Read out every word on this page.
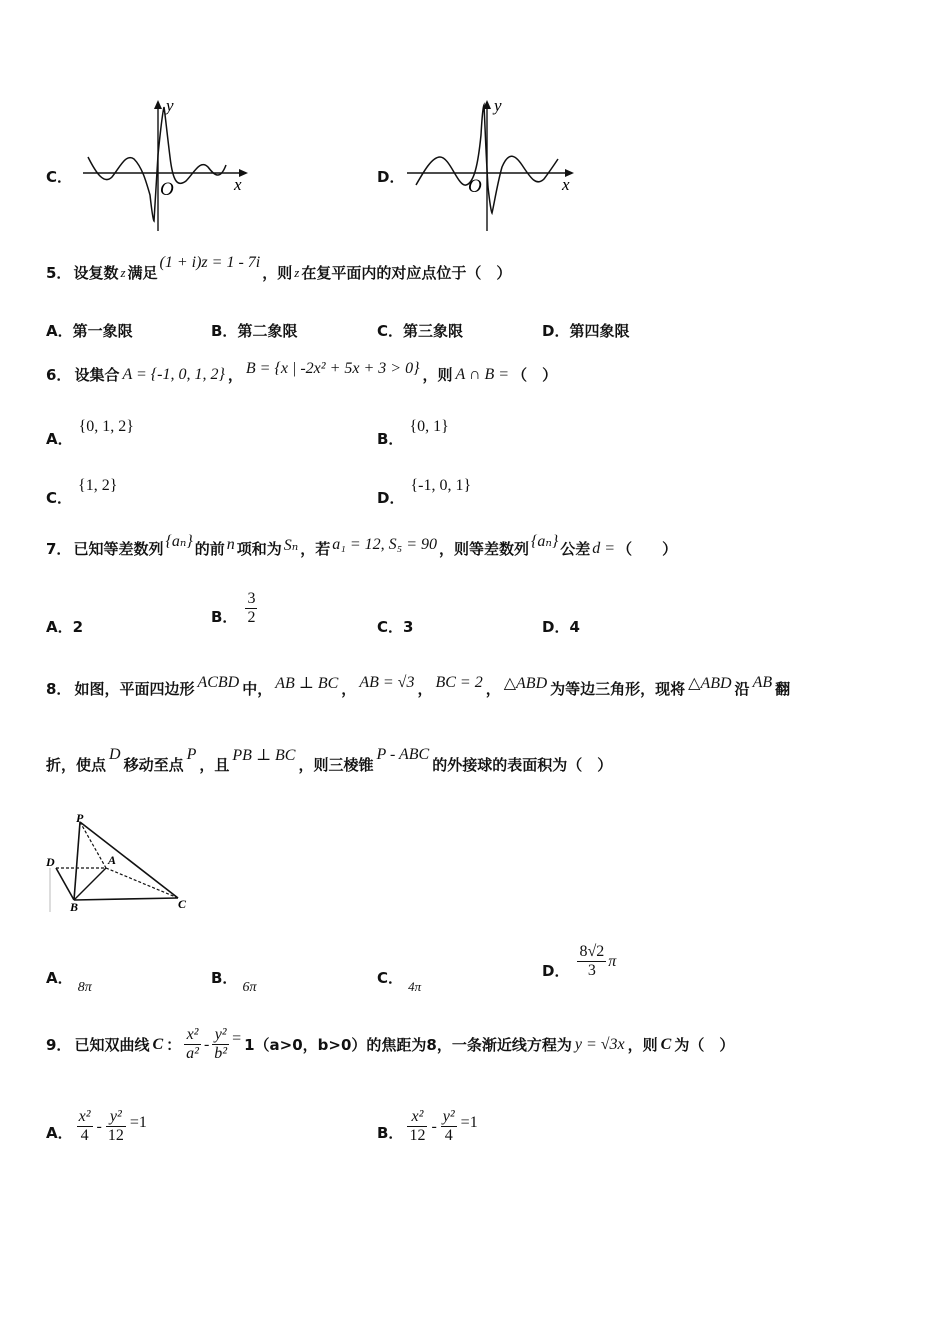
C．
y
x
O
D．
y
x
O
5． 设复数 z 满足
(1 + i)z = 1 - 7i
，则 z 在复平面内的对应点位于（　）
A．第一象限	B．第二象限	C．第三象限	D．第四象限
6． 设集合 A = {-1, 0, 1, 2} ， B = {x | -2x² + 5x + 3 > 0} ，则 A ∩ B = （　）
A．
{0, 1, 2}
B．
{0, 1}
C．
{1, 2}
D．
{-1, 0, 1}
7． 已知等差数列 {aₙ} 的前 n 项和为 Sₙ ，若 a₁ = 12, S₅ = 90 ，则等差数列 {aₙ} 公差 d = （　　）
A．2
B． $\frac{3}{2}$	C．3	D．4
8． 如图，平面四边形 ACBD 中， AB ⊥ BC ， AB = √3 ， BC = 2 ， △ABD 为等边三角形，现将 △ABD 沿 AB 翻
折，使点
D
移动至点
P
，且
PB ⊥ BC
，则三棱锥
P - ABC
的外接球的表面积为（　）
P
D	A
B	C
A． 8π
B． 6π
C． $_{4\pi}$
D． $\frac{8√2}{3}$ π
9． 已知双曲线 C ： $\frac{\text{x²}}{\text{a²}} - \frac{\text{y²}}{\text{b²}} = 1(a>0$，b>0）的焦距为8，一条渐近线方程为 y = √3x ，则 C 为（　）
A． $\frac{\text{x²}}{4} - \frac{\text{y²}}{12} =1$
B． $\frac{\text{x²}}{12} - \frac{\text{y²}}{4} =1$
